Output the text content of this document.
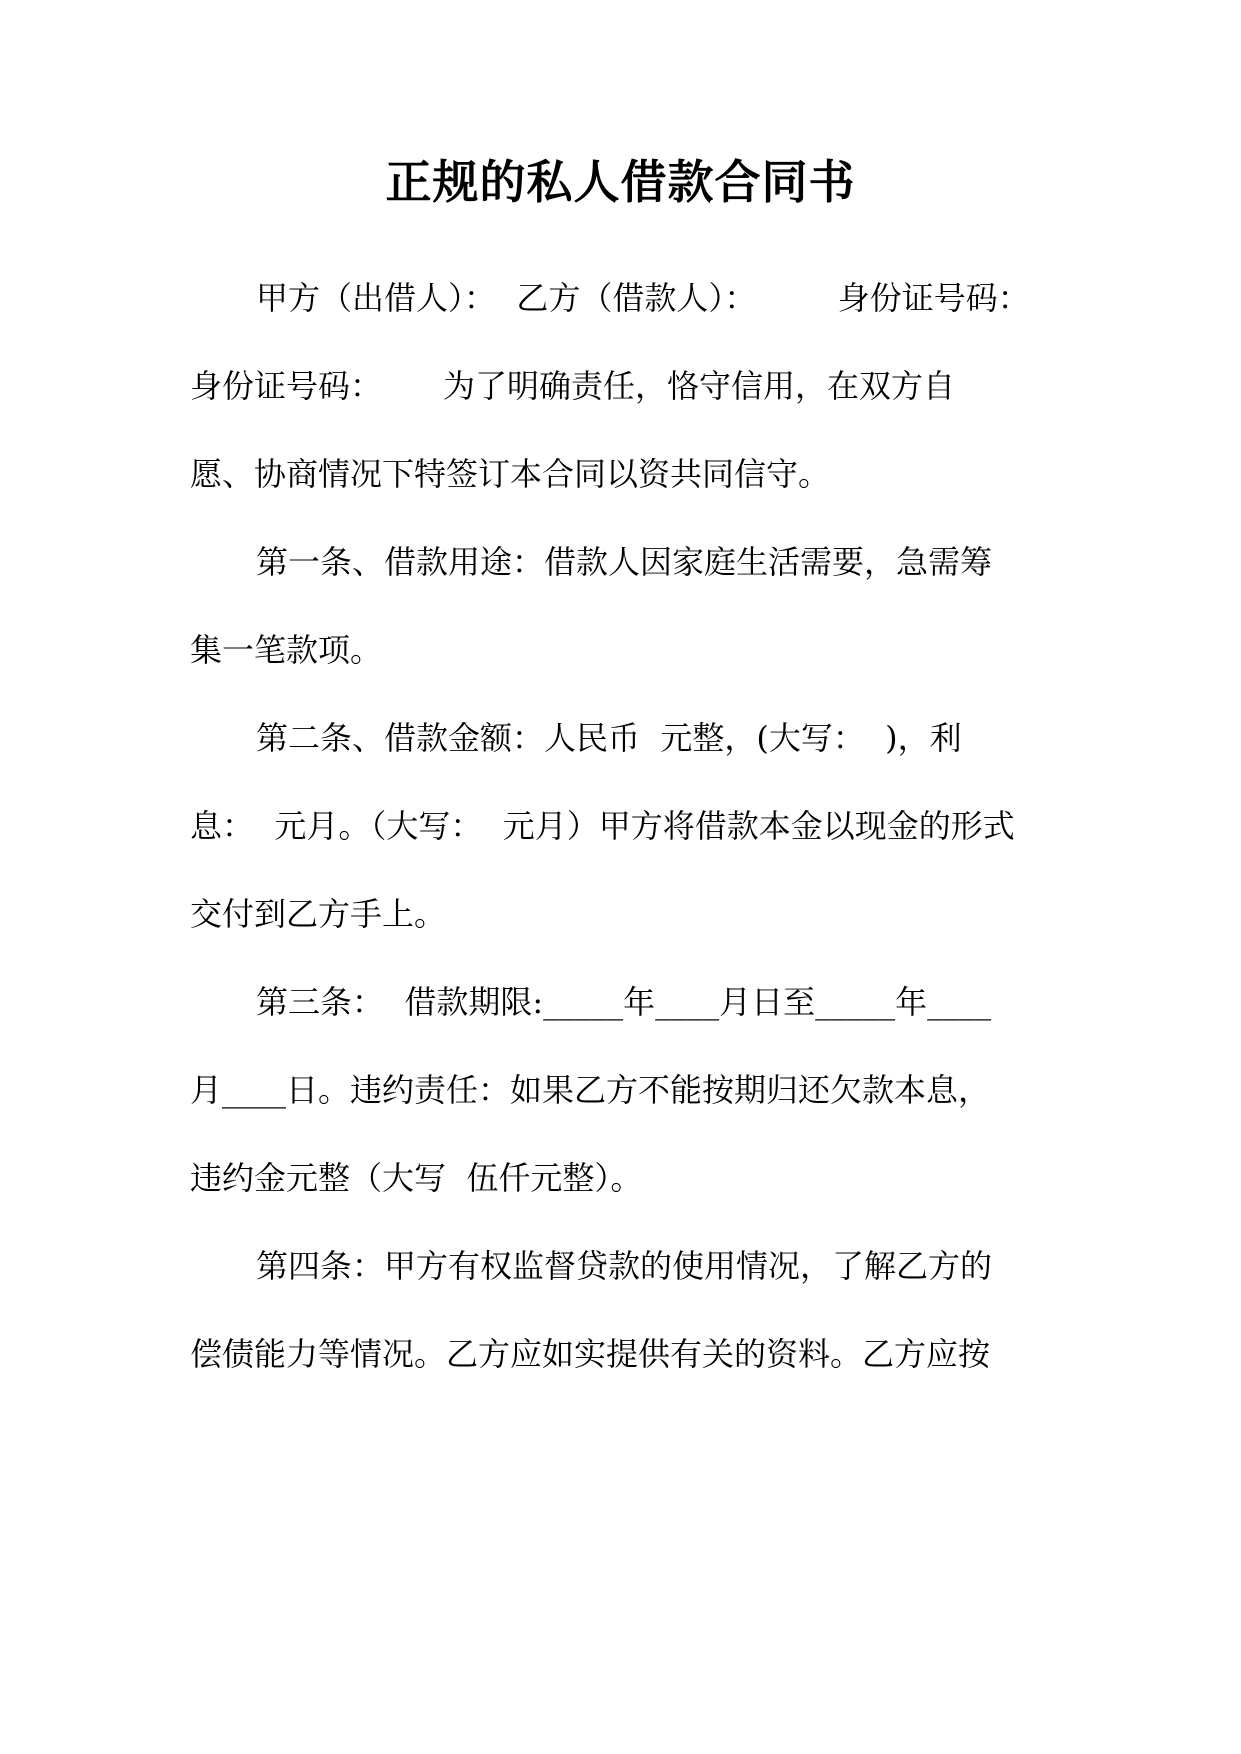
正规的私人借款合同书
甲方（出借人）：  乙方（借款人）：        身份证号码：
身份证号码：      为了明确责任，恪守信用，在双方自
愿、协商情况下特签订本合同以资共同信守。
第一条、借款用途：借款人因家庭生活需要，急需筹
集一笔款项。
第二条、借款金额：人民币  元整，(大写：  )，利
息：  元月。（大写：  元月）甲方将借款本金以现金的形式
交付到乙方手上。
第三条：  借款期限:_____年____月日至_____年____
月____日。违约责任：如果乙方不能按期归还欠款本息，
违约金元整（大写  伍仟元整）。
第四条：甲方有权监督贷款的使用情况，了解乙方的
偿债能力等情况。乙方应如实提供有关的资料。乙方应按
